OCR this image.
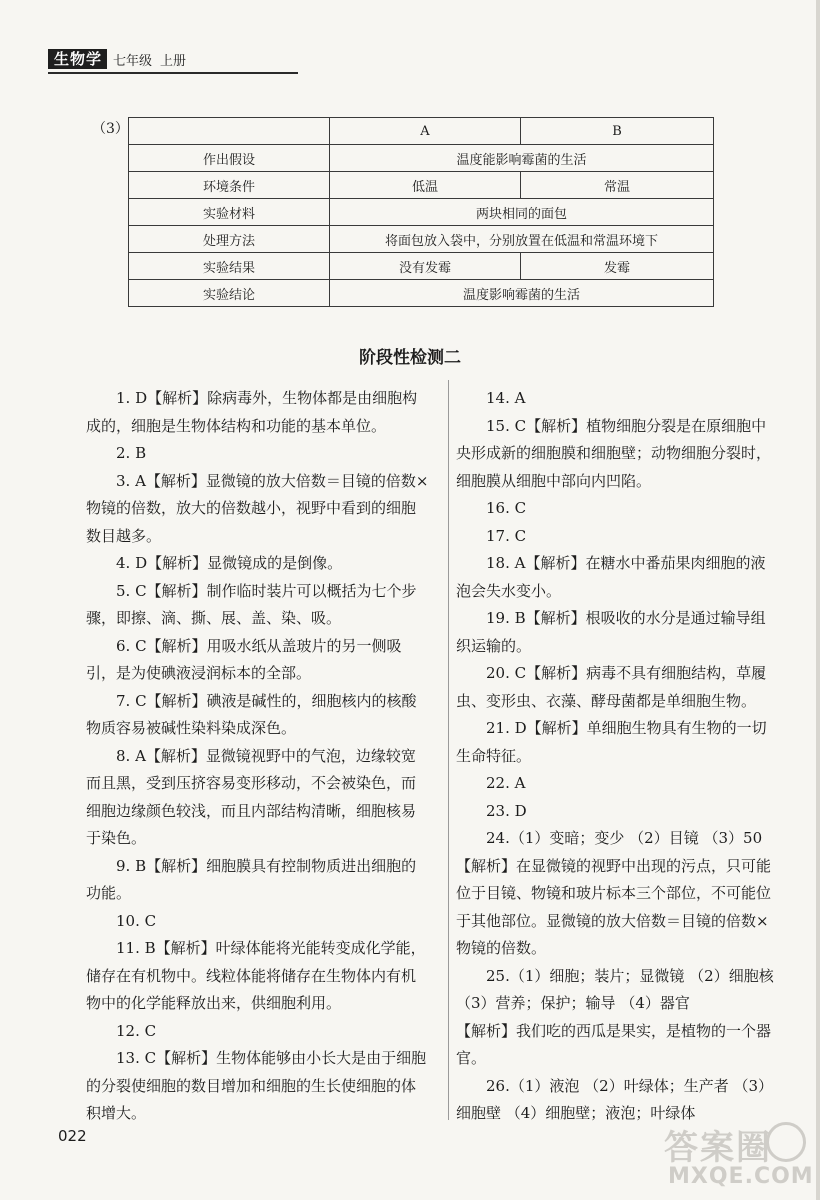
生物学 七年级 上册
（3）
		A	B
作出假设	温度能影响霉菌的生活	
环境条件	低温	常温
实验材料	两块相同的面包	
处理方法	将面包放入袋中，分别放置在低温和常温环境下	
实验结果	没有发霉	发霉
实验结论	温度影响霉菌的生活	
阶段性检测二

1. D【解析】除病毒外，生物体都是由细胞构成的，细胞是生物体结构和功能的基本单位。

2. B

3. A【解析】显微镜的放大倍数＝目镜的倍数×物镜的倍数，放大的倍数越小，视野中看到的细胞数目越多。

4. D【解析】显微镜成的是倒像。

5. C【解析】制作临时装片可以概括为七个步骤，即擦、滴、撕、展、盖、染、吸。

6. C【解析】用吸水纸从盖玻片的另一侧吸引，是为使碘液浸润标本的全部。

7. C【解析】碘液是碱性的，细胞核内的核酸物质容易被碱性染料染成深色。

8. A【解析】显微镜视野中的气泡，边缘较宽而且黑，受到压挤容易变形移动，不会被染色，而细胞边缘颜色较浅，而且内部结构清晰，细胞核易于染色。

9. B【解析】细胞膜具有控制物质进出细胞的功能。

10. C

11. B【解析】叶绿体能将光能转变成化学能，储存在有机物中。线粒体能将储存在生物体内有机物中的化学能释放出来，供细胞利用。

12. C

13. C【解析】生物体能够由小长大是由于细胞的分裂使细胞的数目增加和细胞的生长使细胞的体积增大。

14. A

15. C【解析】植物细胞分裂是在原细胞中央形成新的细胞膜和细胞壁；动物细胞分裂时，细胞膜从细胞中部向内凹陷。

16. C

17. C

18. A【解析】在糖水中番茄果肉细胞的液泡会失水变小。

19. B【解析】根吸收的水分是通过输导组织运输的。

20. C【解析】病毒不具有细胞结构，草履虫、变形虫、衣藻、酵母菌都是单细胞生物。

21. D【解析】单细胞生物具有生物的一切生命特征。

22. A

23. D

24.（1）变暗；变少 （2）目镜 （3）50

【解析】在显微镜的视野中出现的污点，只可能位于目镜、物镜和玻片标本三个部位，不可能位于其他部位。显微镜的放大倍数＝目镜的倍数×物镜的倍数。

25.（1）细胞；装片；显微镜 （2）细胞核（3）营养；保护；输导 （4）器官

【解析】我们吃的西瓜是果实，是植物的一个器官。

26.（1）液泡 （2）叶绿体；生产者 （3）细胞壁 （4）细胞壁；液泡；叶绿体

022	答案圈
MXQE.COM
